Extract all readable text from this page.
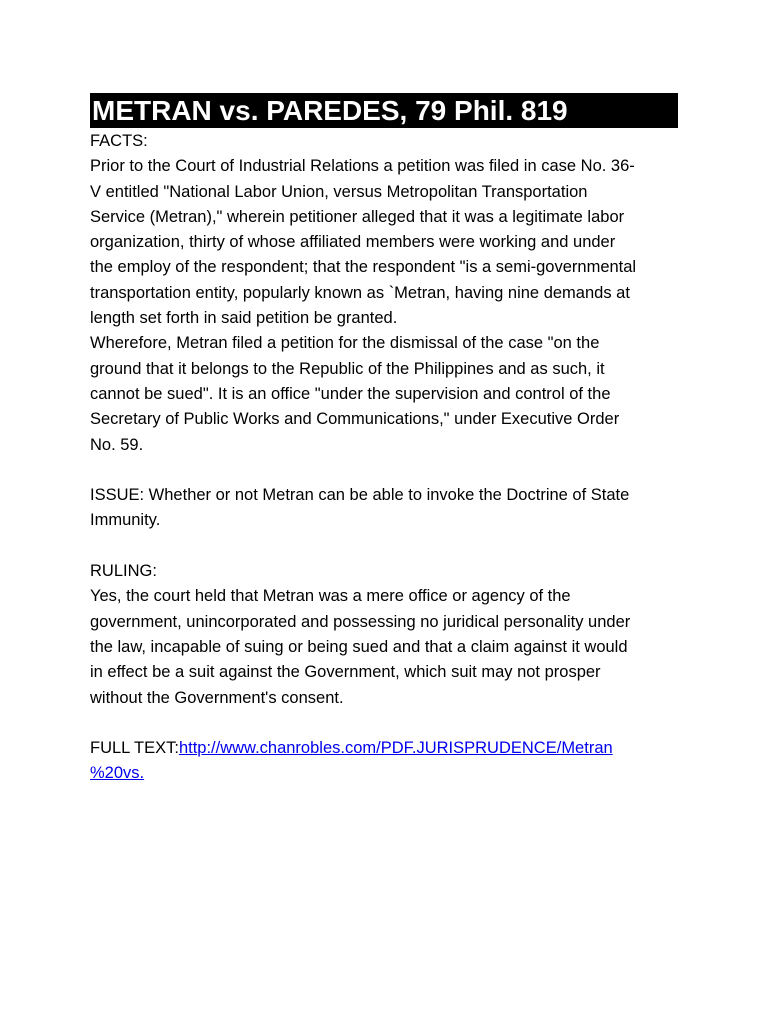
METRAN vs. PAREDES, 79 Phil. 819
FACTS:
Prior to the Court of Industrial Relations a petition was filed in case No. 36-
V entitled "National Labor Union, versus Metropolitan Transportation
Service (Metran)," wherein petitioner alleged that it was a legitimate labor
organization, thirty of whose affiliated members were working and under
the employ of the respondent; that the respondent "is a semi-governmental
transportation entity, popularly known as `Metran, having nine demands at
length set forth in said petition be granted.
Wherefore, Metran filed a petition for the dismissal of the case "on the
ground that it belongs to the Republic of the Philippines and as such, it
cannot be sued". It is an office "under the supervision and control of the
Secretary of Public Works and Communications," under Executive Order
No. 59.
ISSUE: Whether or not Metran can be able to invoke the Doctrine of State
Immunity.
RULING:
Yes, the court held that Metran was a mere office or agency of the
government, unincorporated and possessing no juridical personality under
the law, incapable of suing or being sued and that a claim against it would
in effect be a suit against the Government, which suit may not prosper
without the Government's consent.
FULL TEXT:http://www.chanrobles.com/PDF.JURISPRUDENCE/Metran
%20vs.
